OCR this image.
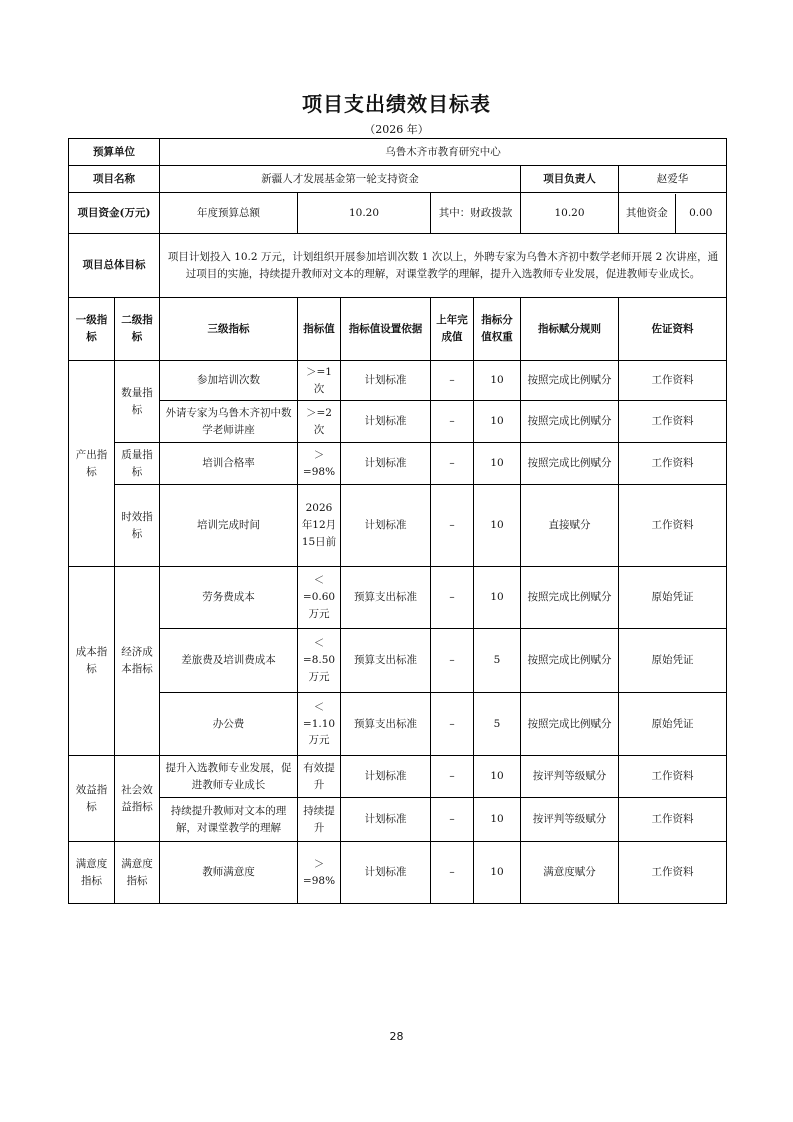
项目支出绩效目标表
（2026 年）
预算单位		乌鲁木齐市教育研究中心						
项目名称		新疆人才发展基金第一轮支持资金					项目负责人	赵爱华
项目资金(万元)		年度预算总额	10.20		其中：财政拨款		10.20	其他资金 0.00

项目总体目标		项目计划投入 10.2 万元，计划组织开展参加培训次数 1 次以上，外聘专家为乌鲁木齐初中数学老师开展 2 次讲座，通过项目的实施，持续提升教师对文本的理解，对课堂教学的理解，提升入选教师专业发展，促进教师专业成长。						
一级指标	二级指标	三级指标	指标值	指标值设置依据	上年完成值	指标分值权重	指标赋分规则	佐证资料
产出指标	数量指标	参加培训次数	＞=1次	计划标准	–	10	按照完成比例赋分	工作资料
		外请专家为乌鲁木齐初中数学老师讲座	＞=2次	计划标准	–	10	按照完成比例赋分	工作资料
	质量指标	培训合格率	＞=98%	计划标准	–	10	按照完成比例赋分	工作资料
	时效指标	培训完成时间	2026年12月15日前	计划标准	–	10	直接赋分	工作资料
成本指标	经济成本指标	劳务费成本	＜=0.60万元	预算支出标准	–	10	按照完成比例赋分	原始凭证
		差旅费及培训费成本	＜=8.50万元	预算支出标准	–	5	按照完成比例赋分	原始凭证
		办公费	＜=1.10万元	预算支出标准	–	5	按照完成比例赋分	原始凭证
效益指标	社会效益指标	提升入选教师专业发展，促进教师专业成长	有效提升	计划标准	–	10	按评判等级赋分	工作资料
		持续提升教师对文本的理解，对课堂教学的理解	持续提升	计划标准	–	10	按评判等级赋分	工作资料
满意度指标	满意度指标	教师满意度	＞=98%	计划标准	–	10	满意度赋分	工作资料
28
